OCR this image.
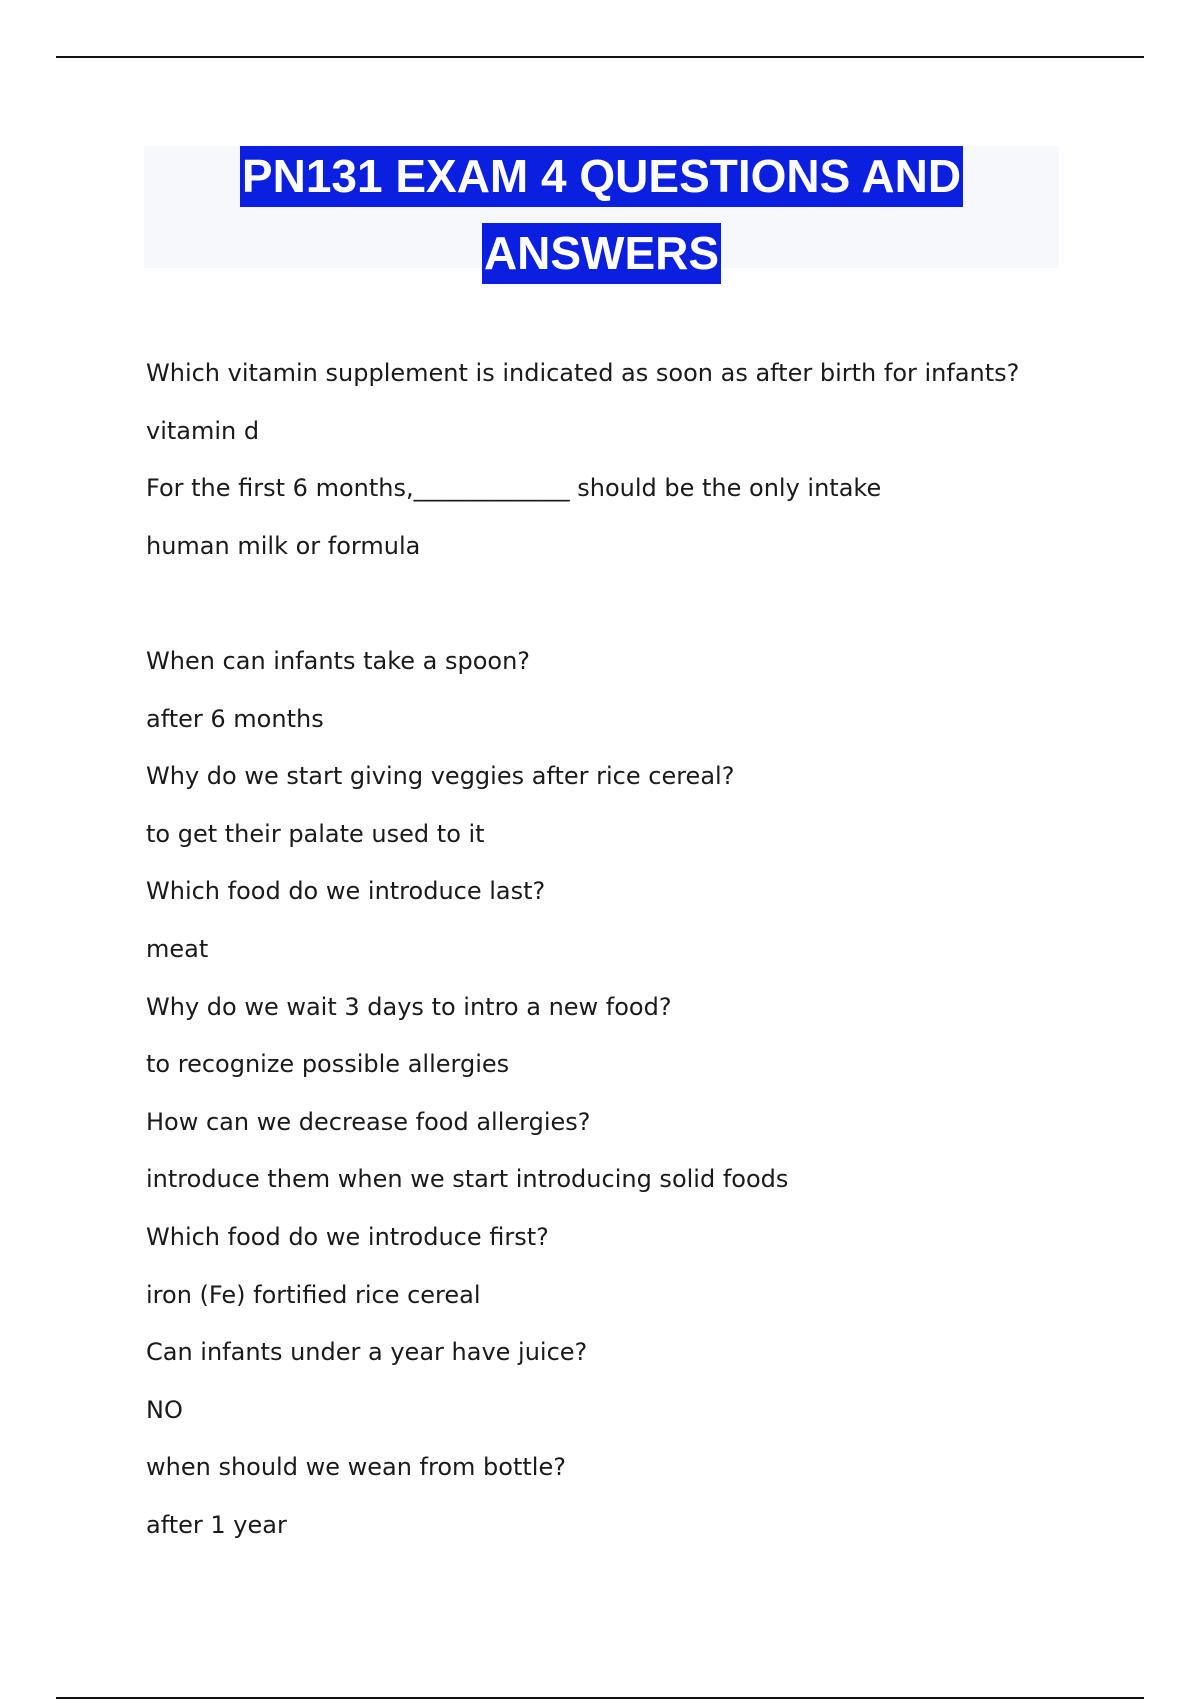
PN131 EXAM 4 QUESTIONS AND
ANSWERS
Which vitamin supplement is indicated as soon as after birth for infants?
vitamin d
For the first 6 months,_____________ should be the only intake
human milk or formula
When can infants take a spoon?
after 6 months
Why do we start giving veggies after rice cereal?
to get their palate used to it
Which food do we introduce last?
meat
Why do we wait 3 days to intro a new food?
to recognize possible allergies
How can we decrease food allergies?
introduce them when we start introducing solid foods
Which food do we introduce first?
iron (Fe) fortified rice cereal
Can infants under a year have juice?
NO
when should we wean from bottle?
after 1 year
